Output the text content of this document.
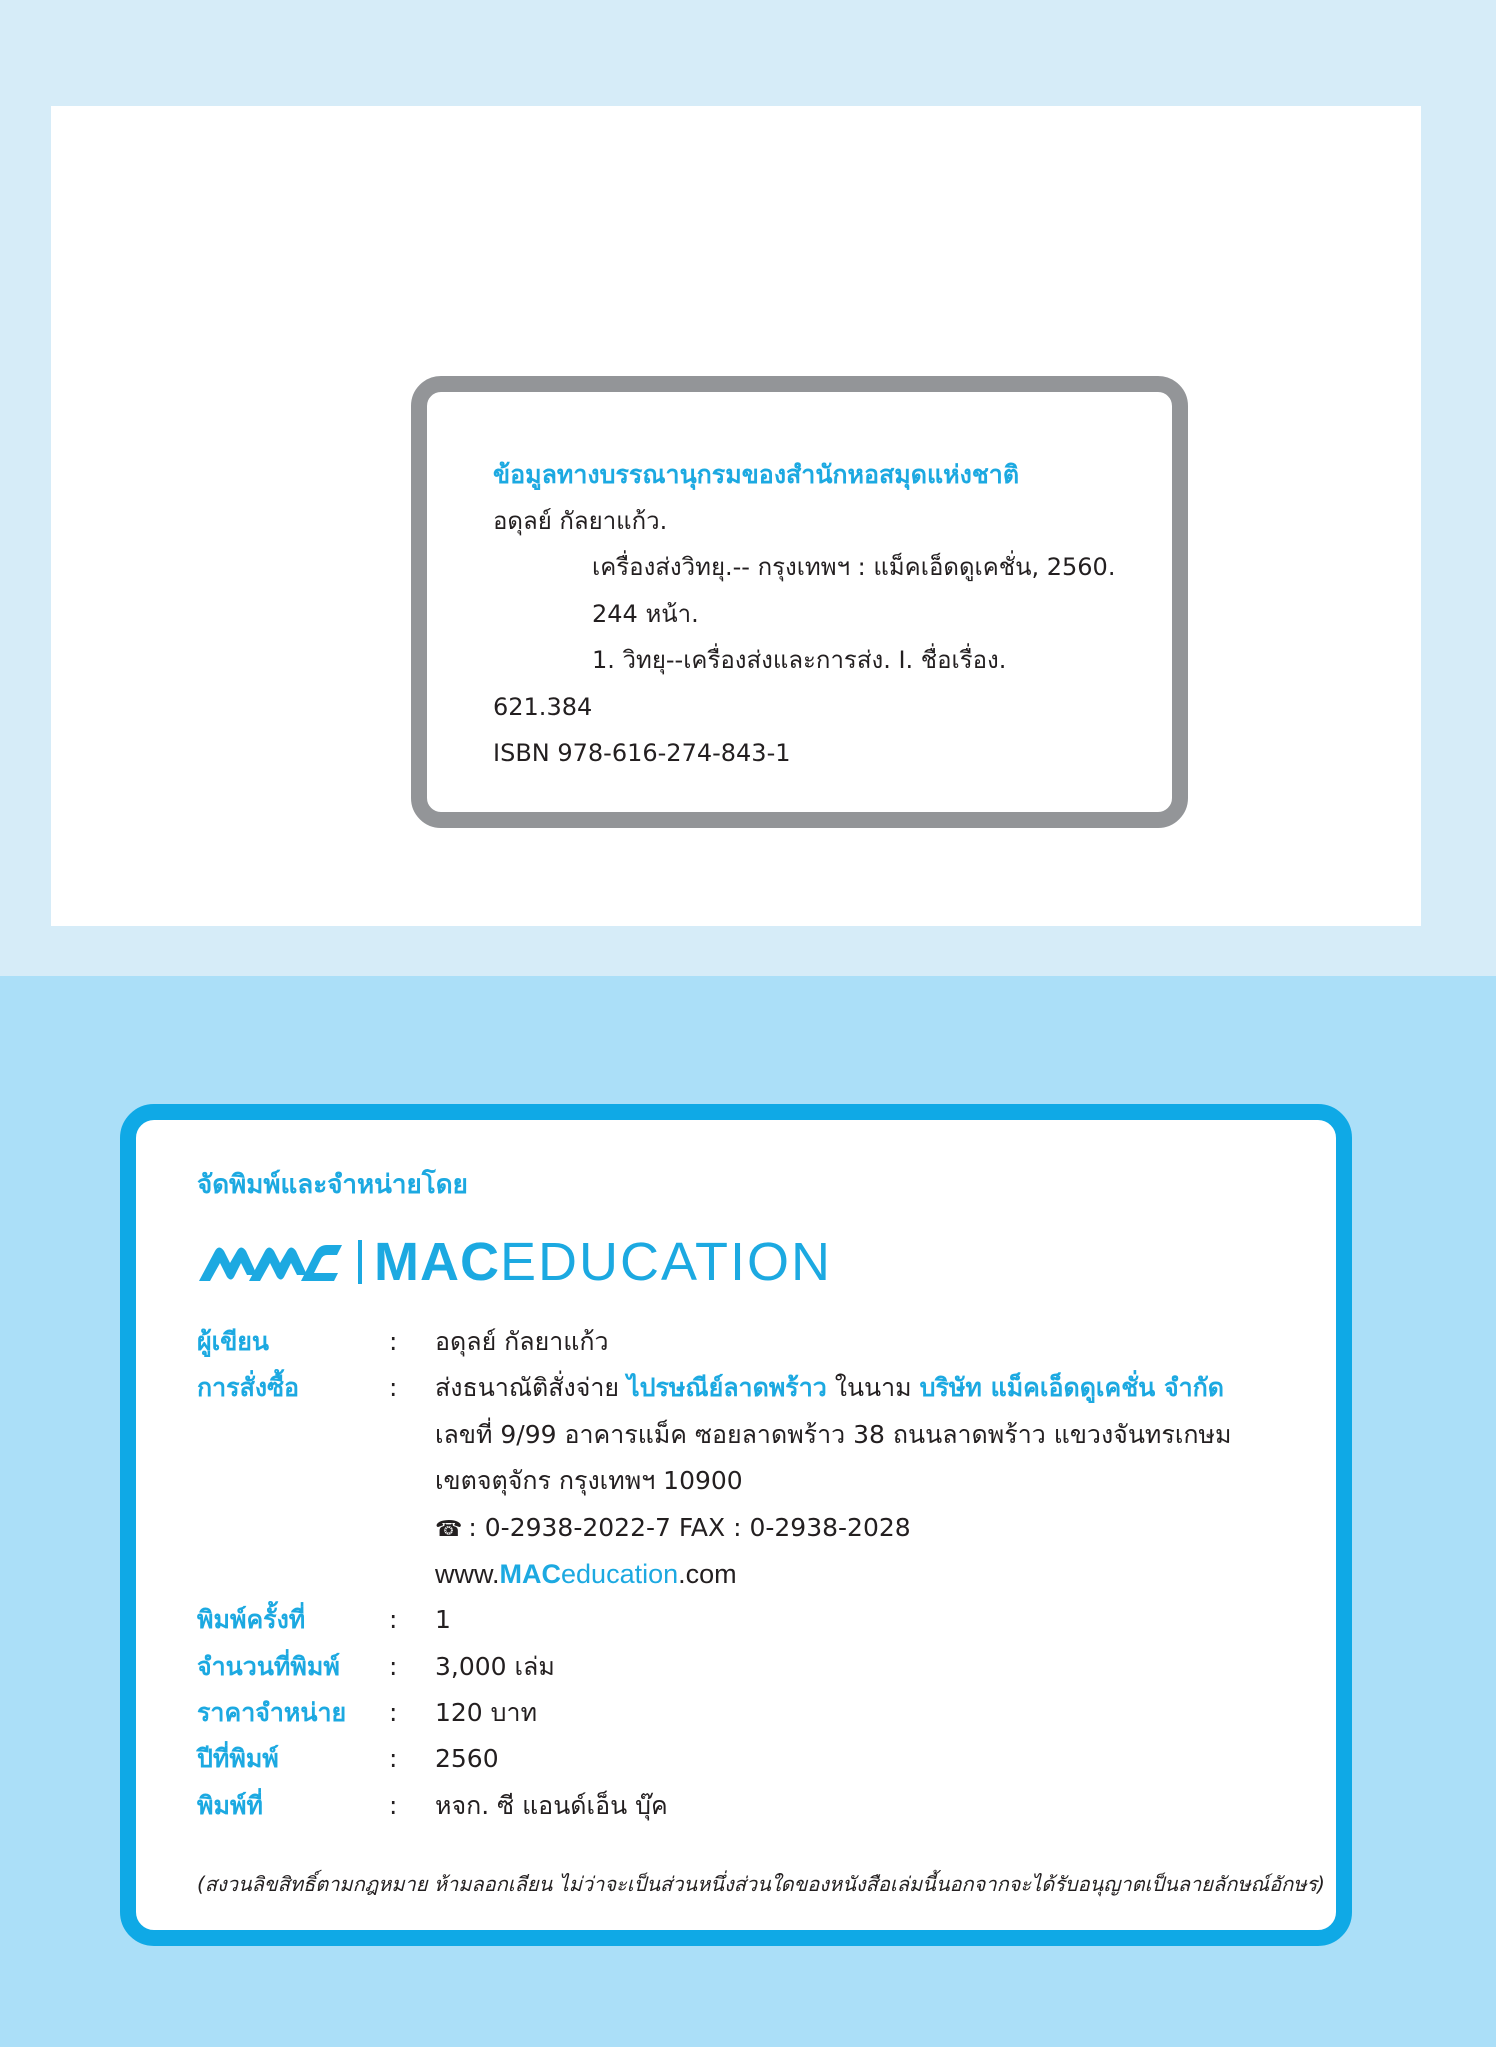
ข้อมูลทางบรรณานุกรมของสำนักหอสมุดแห่งชาติ
อดุลย์ กัลยาแก้ว.
เครื่องส่งวิทยุ.-- กรุงเทพฯ : แม็คเอ็ดดูเคชั่น, 2560.
244 หน้า.
1. วิทยุ--เครื่องส่งและการส่ง. I. ชื่อเรื่อง.
621.384
ISBN 978-616-274-843-1
จัดพิมพ์และจำหน่ายโดย
MAC EDUCATION
ผู้เขียน	: อดุลย์ กัลยาแก้ว
การสั่งซื้อ	: ส่งธนาณัติสั่งจ่าย ไปรษณีย์ลาดพร้าว ในนาม บริษัท แม็คเอ็ดดูเคชั่น จำกัด
เลขที่ 9/99 อาคารแม็ค ซอยลาดพร้าว 38 ถนนลาดพร้าว แขวงจันทรเกษม
เขตจตุจักร กรุงเทพฯ 10900
☎ : 0-2938-2022-7 FAX : 0-2938-2028
www.MACeducation.com
พิมพ์ครั้งที่	: 1
จำนวนที่พิมพ์ : 3,000 เล่ม
ราคาจำหน่าย : 120 บาท
ปีที่พิมพ์	: 2560
พิมพ์ที่	: หจก. ซี แอนด์เอ็น บุ๊ค
(สงวนลิขสิทธิ์ตามกฎหมาย ห้ามลอกเลียน ไม่ว่าจะเป็นส่วนหนึ่งส่วนใดของหนังสือเล่มนี้นอกจากจะได้รับอนุญาตเป็นลายลักษณ์อักษร)
